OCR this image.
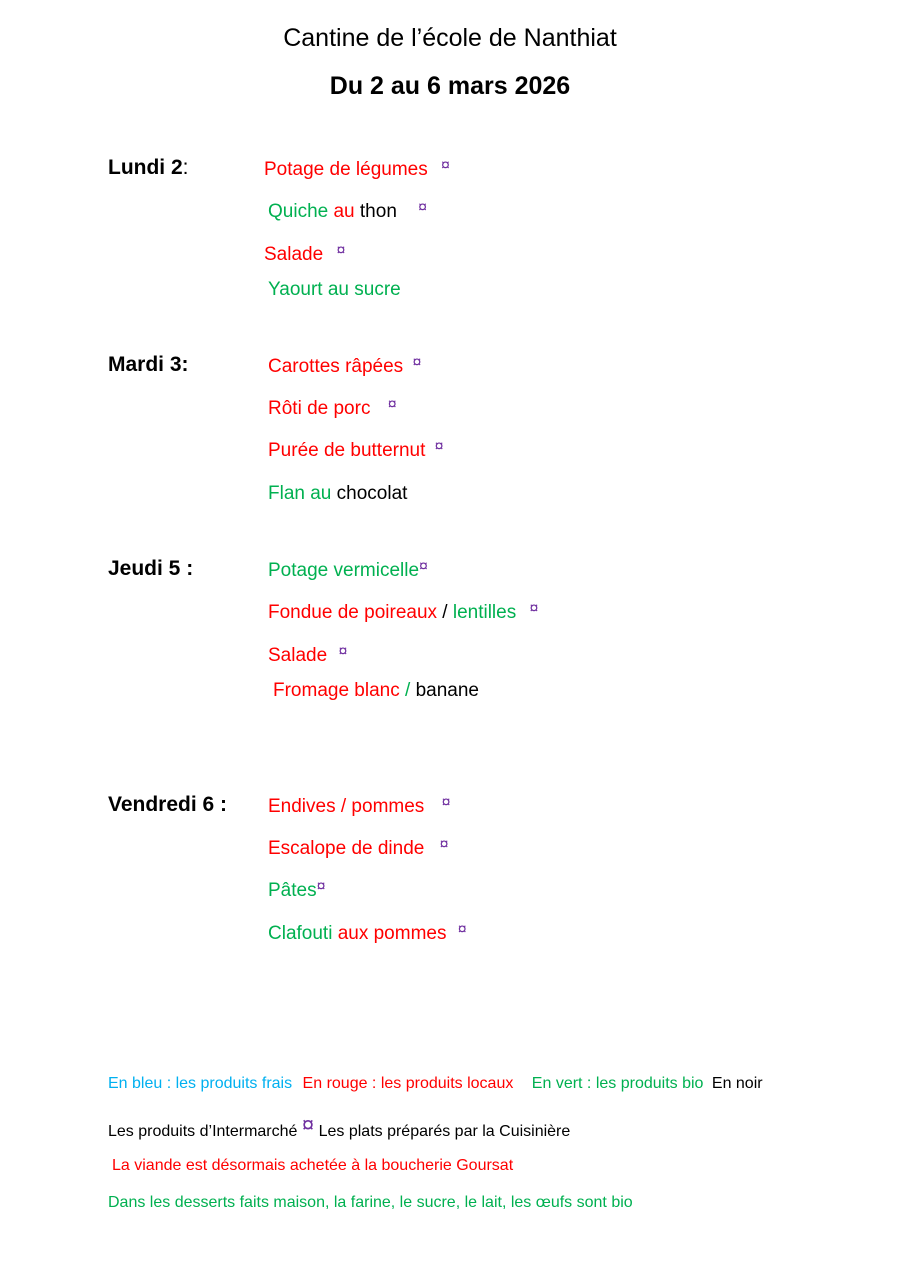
Cantine de l’école de Nanthiat
Du 2 au 6 mars 2026
Lundi 2:	Potage de légumes ¤
Quiche au thon ¤
Salade ¤
Yaourt au sucre
Mardi 3:	Carottes râpées ¤
Rôti de porc ¤
Purée de butternut ¤
Flan au chocolat
Jeudi 5 :	Potage vermicelle¤
Fondue de poireaux / lentilles ¤
Salade ¤
Fromage blanc / banane
Vendredi 6 : Endives / pommes ¤
Escalope de dinde ¤
Pâtes¤
Clafouti aux pommes ¤
En bleu : les produits frais En rouge : les produits locaux En vert : les produits bio En noir
Les produits d’Intermarché ¤ Les plats préparés par la Cuisinière
La viande est désormais achetée à la boucherie Goursat
Dans les desserts faits maison, la farine, le sucre, le lait, les œufs sont bio
